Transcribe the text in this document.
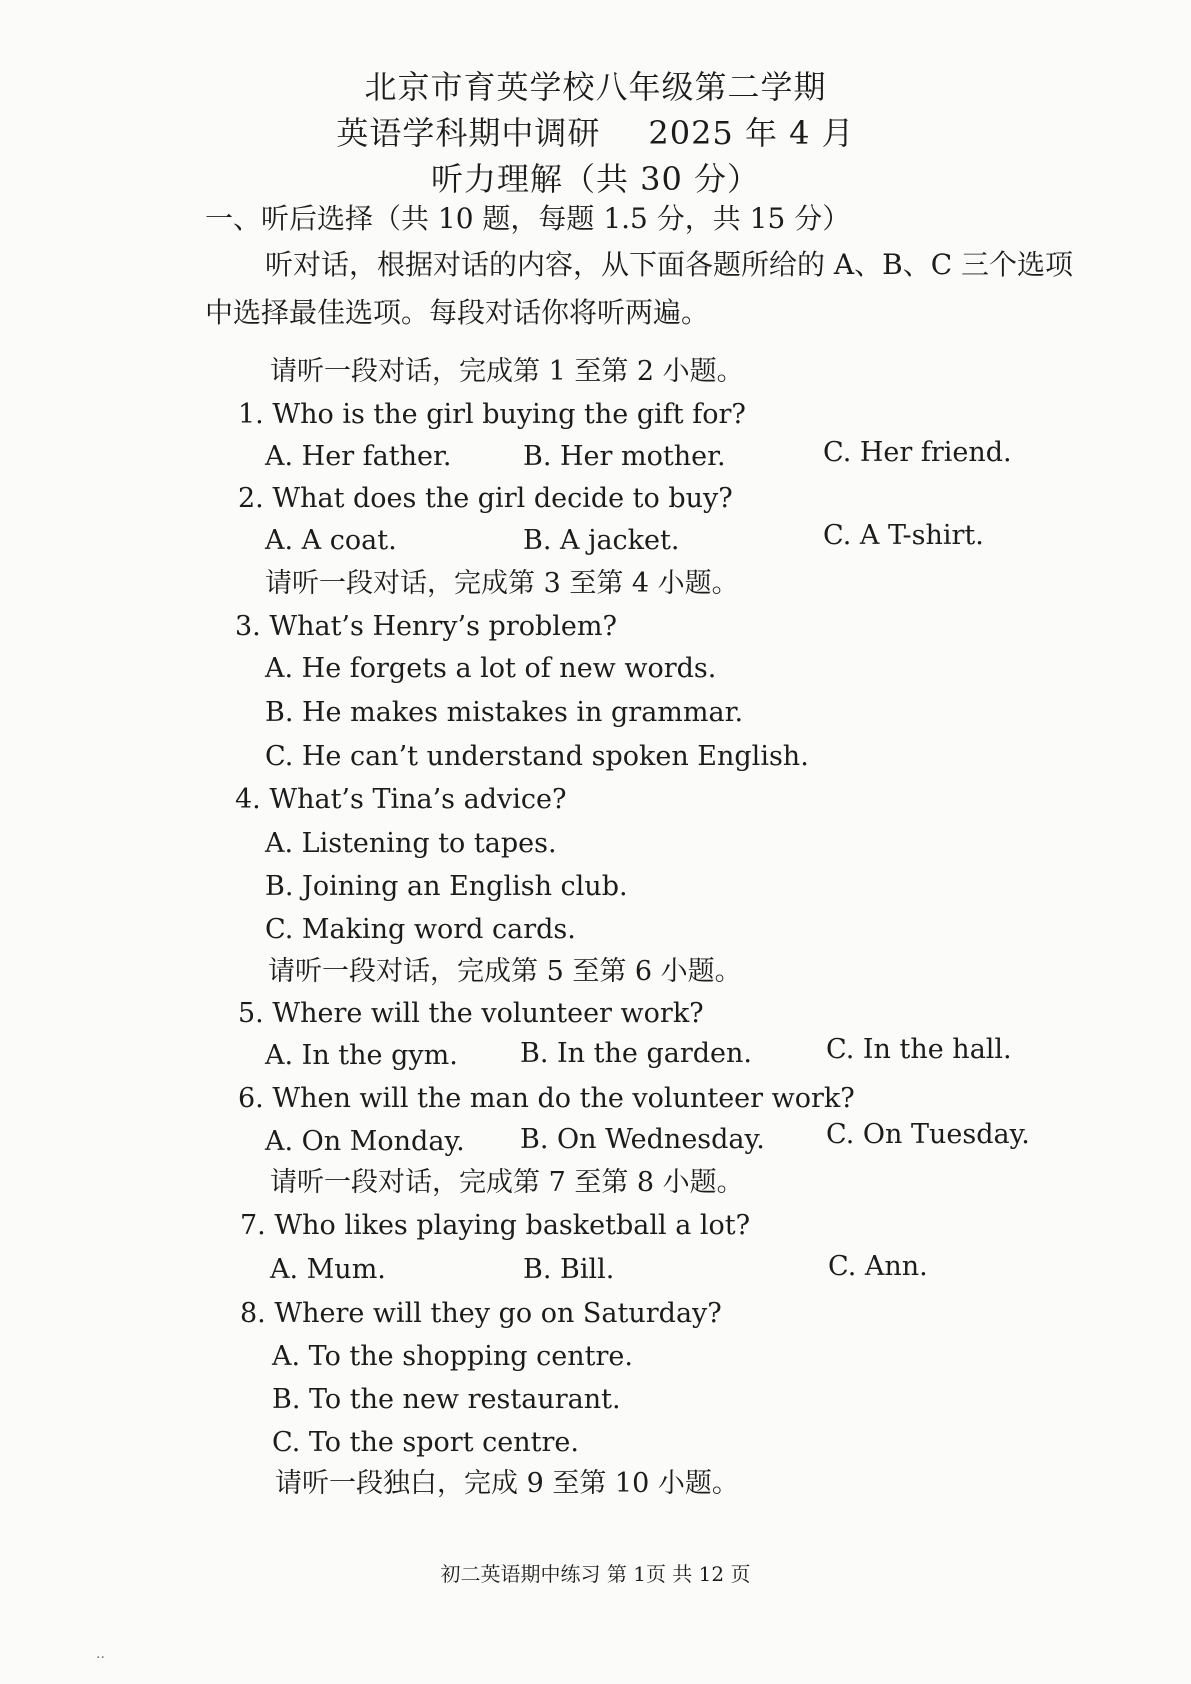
北京市育英学校八年级第二学期
英语学科期中调研 2025 年 4 月
听力理解（共 30 分）
一、听后选择（共 10 题，每题 1.5 分，共 15 分）
听对话，根据对话的内容，从下面各题所给的 A、B、C 三个选项
中选择最佳选项。每段对话你将听两遍。
请听一段对话，完成第 1 至第 2 小题。
1. Who is the girl buying the gift for?
A. Her father.	B. Her mother.	C. Her friend.
2. What does the girl decide to buy?
A. A coat.	B. A jacket.	C. A T-shirt.
请听一段对话，完成第 3 至第 4 小题。
3. What’s Henry’s problem?
A. He forgets a lot of new words.
B. He makes mistakes in grammar.
C. He can’t understand spoken English.
4. What’s Tina’s advice?
A. Listening to tapes.
B. Joining an English club.
C. Making word cards.
请听一段对话，完成第 5 至第 6 小题。
5. Where will the volunteer work?
A. In the gym. B. In the garden.	C. In the hall.
6. When will the man do the volunteer work?
A. On Monday. B. On Wednesday. C. On Tuesday.
请听一段对话，完成第 7 至第 8 小题。
7. Who likes playing basketball a lot?
A. Mum.	B. Bill.	C. Ann.
8. Where will they go on Saturday?
A. To the shopping centre.
B. To the new restaurant.
C. To the sport centre.
请听一段独白，完成 9 至第 10 小题。
初二英语期中练习 第 1页 共 12 页
··
